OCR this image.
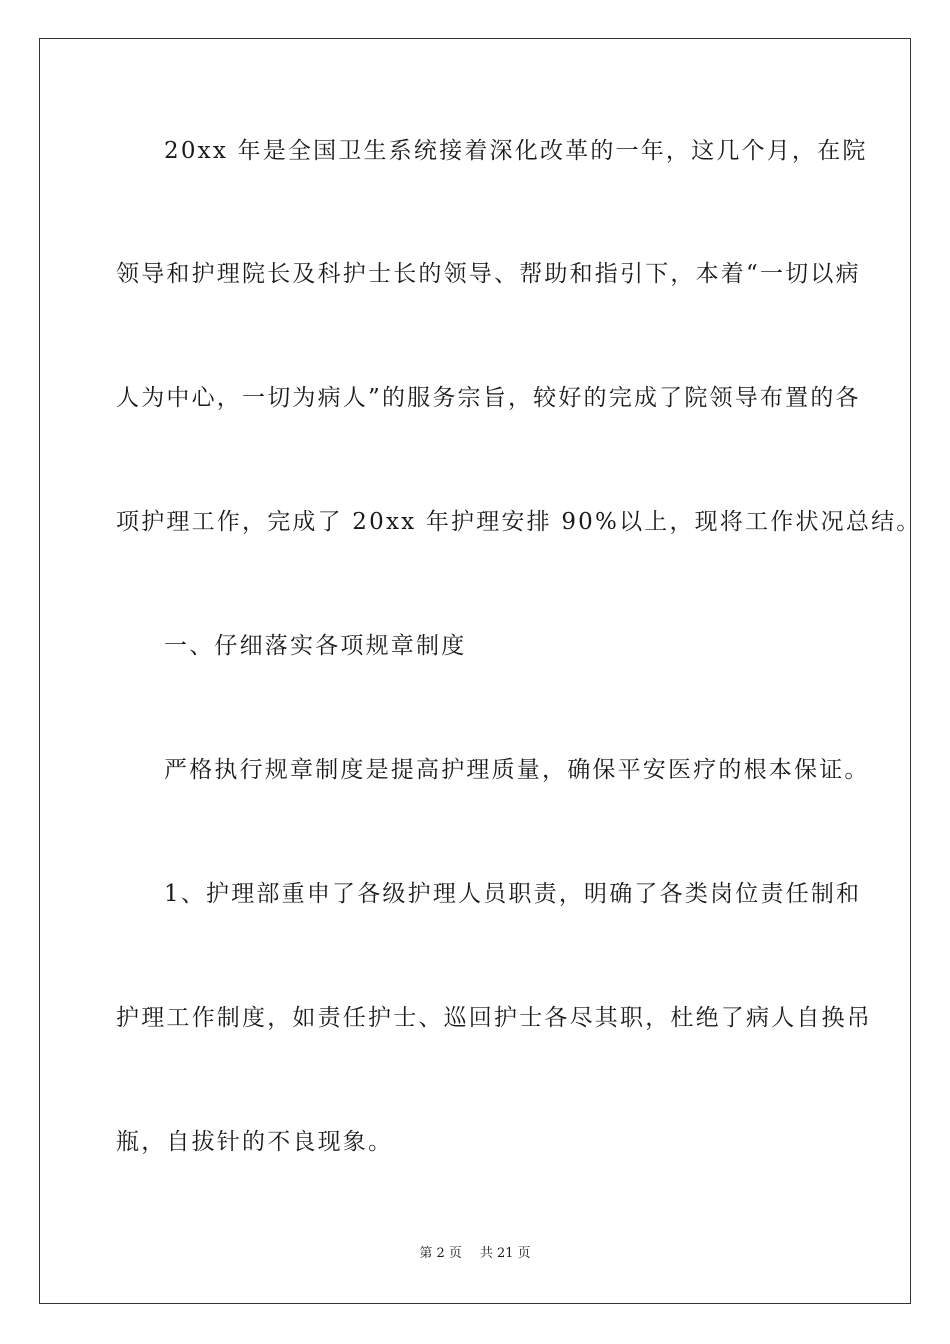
20xx 年是全国卫生系统接着深化改革的一年，这几个月，在院
领导和护理院长及科护士长的领导、帮助和指引下，本着“一切以病
人为中心，一切为病人”的服务宗旨，较好的完成了院领导布置的各
项护理工作，完成了 20xx 年护理安排 90%以上，现将工作状况总结。
一、仔细落实各项规章制度
严格执行规章制度是提高护理质量，确保平安医疗的根本保证。
1、护理部重申了各级护理人员职责，明确了各类岗位责任制和
护理工作制度，如责任护士、巡回护士各尽其职，杜绝了病人自换吊
瓶，自拔针的不良现象。
第 2 页 共 21 页
